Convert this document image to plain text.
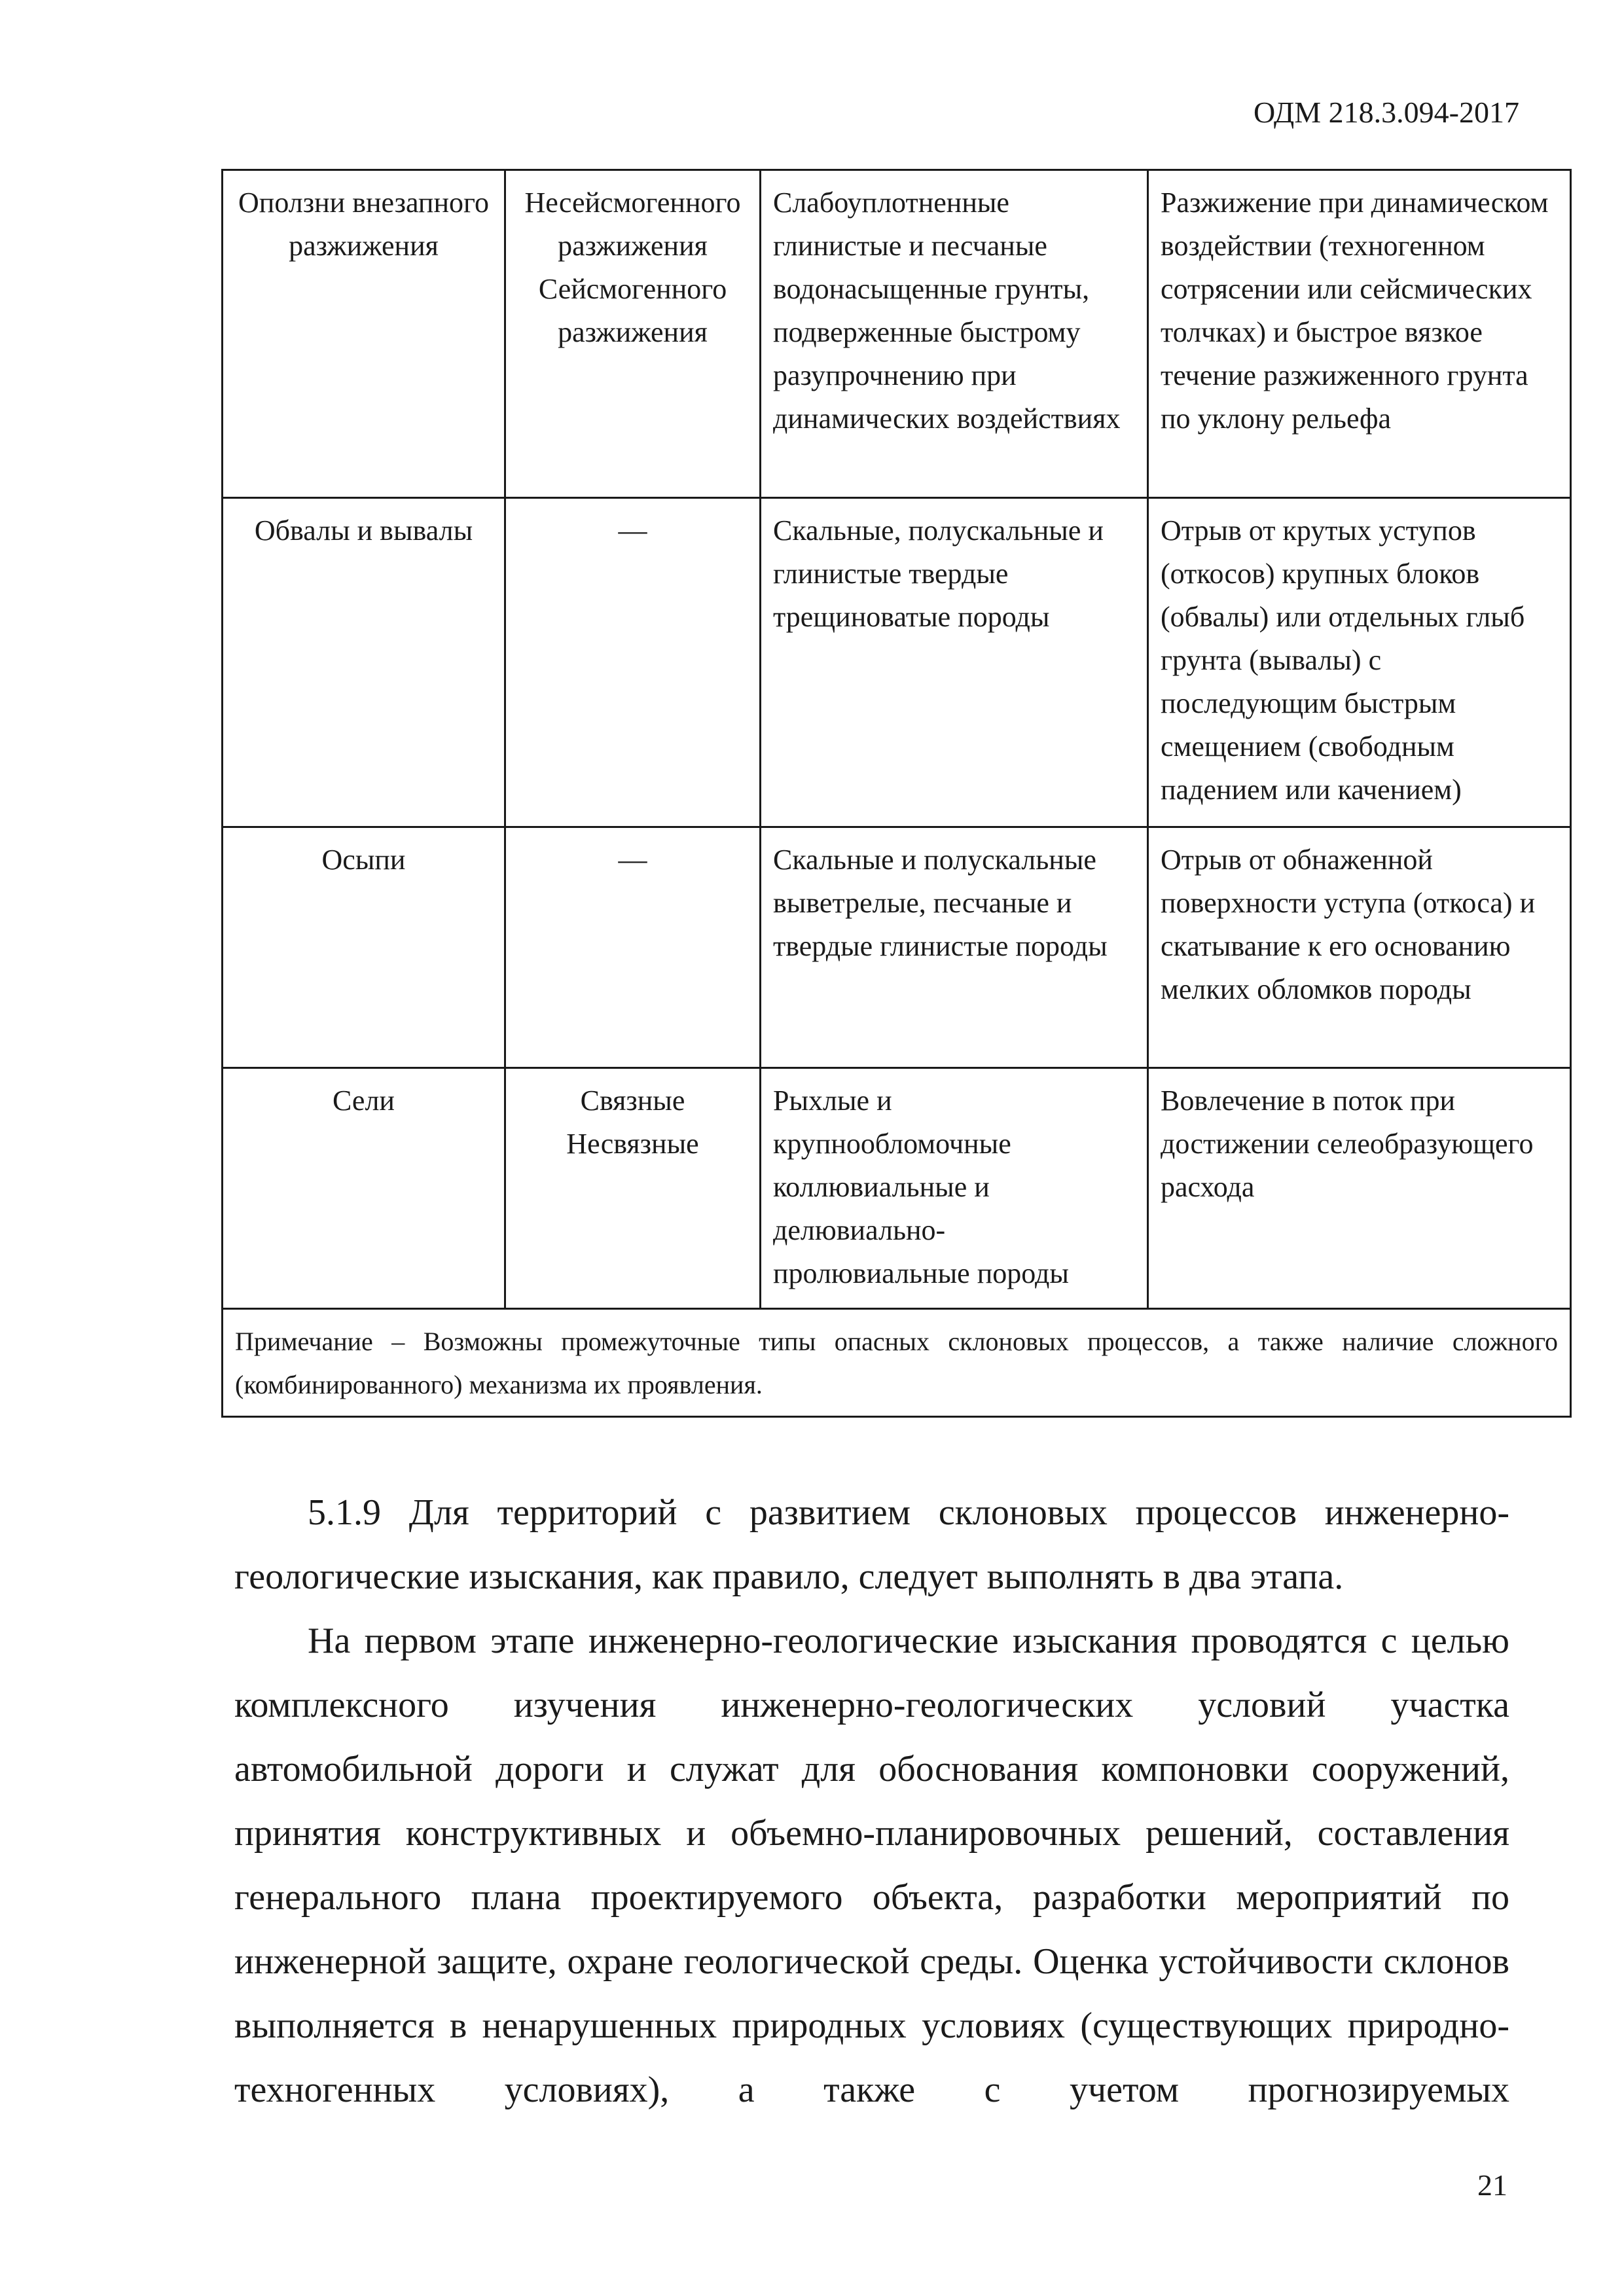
ОДМ 218.3.094-2017
Оползни внезапного разжижения	Несейсмогенного разжижения Сейсмогенного разжижения	Слабоуплотненные глинистые и песчаные водонасыщенные грунты, подверженные быстрому разупрочнению при динамических воздействиях	Разжижение при динамическом воздействии (техногенном сотрясении или сейсмических толчках) и быстрое вязкое течение разжиженного грунта по уклону рельефа
Обвалы и вывалы	—	Скальные, полускальные и глинистые твердые трещиноватые породы	Отрыв от крутых уступов (откосов) крупных блоков (обвалы) или отдельных глыб грунта (вывалы) с последующим быстрым смещением (свободным падением или качением)
Осыпи	—	Скальные и полускальные выветрелые, песчаные и твердые глинистые породы	Отрыв от обнаженной поверхности уступа (откоса) и скатывание к его основанию мелких обломков породы
Сели	Связные Несвязные	Рыхлые и крупнообломочные коллювиальные и делювиально-пролювиальные породы	Вовлечение в поток при достижении селеобразующего расхода
Примечание – Возможны промежуточные типы опасных склоновых процессов, а также наличие сложного (комбинированного) механизма их проявления.			

5.1.9 Для территорий с развитием склоновых процессов инженерно-геологические изыскания, как правило, следует выполнять в два этапа.

На первом этапе инженерно-геологические изыскания проводятся с целью комплексного изучения инженерно-геологических условий участка автомобильной дороги и служат для обоснования компоновки сооружений, принятия конструктивных и объемно-планировочных решений, составления генерального плана проектируемого объекта, разработки мероприятий по инженерной защите, охране геологической среды. Оценка устойчивости склонов выполняется в ненарушенных природных условиях (существующих природно-техногенных условиях), а также с учетом прогнозируемых

21
